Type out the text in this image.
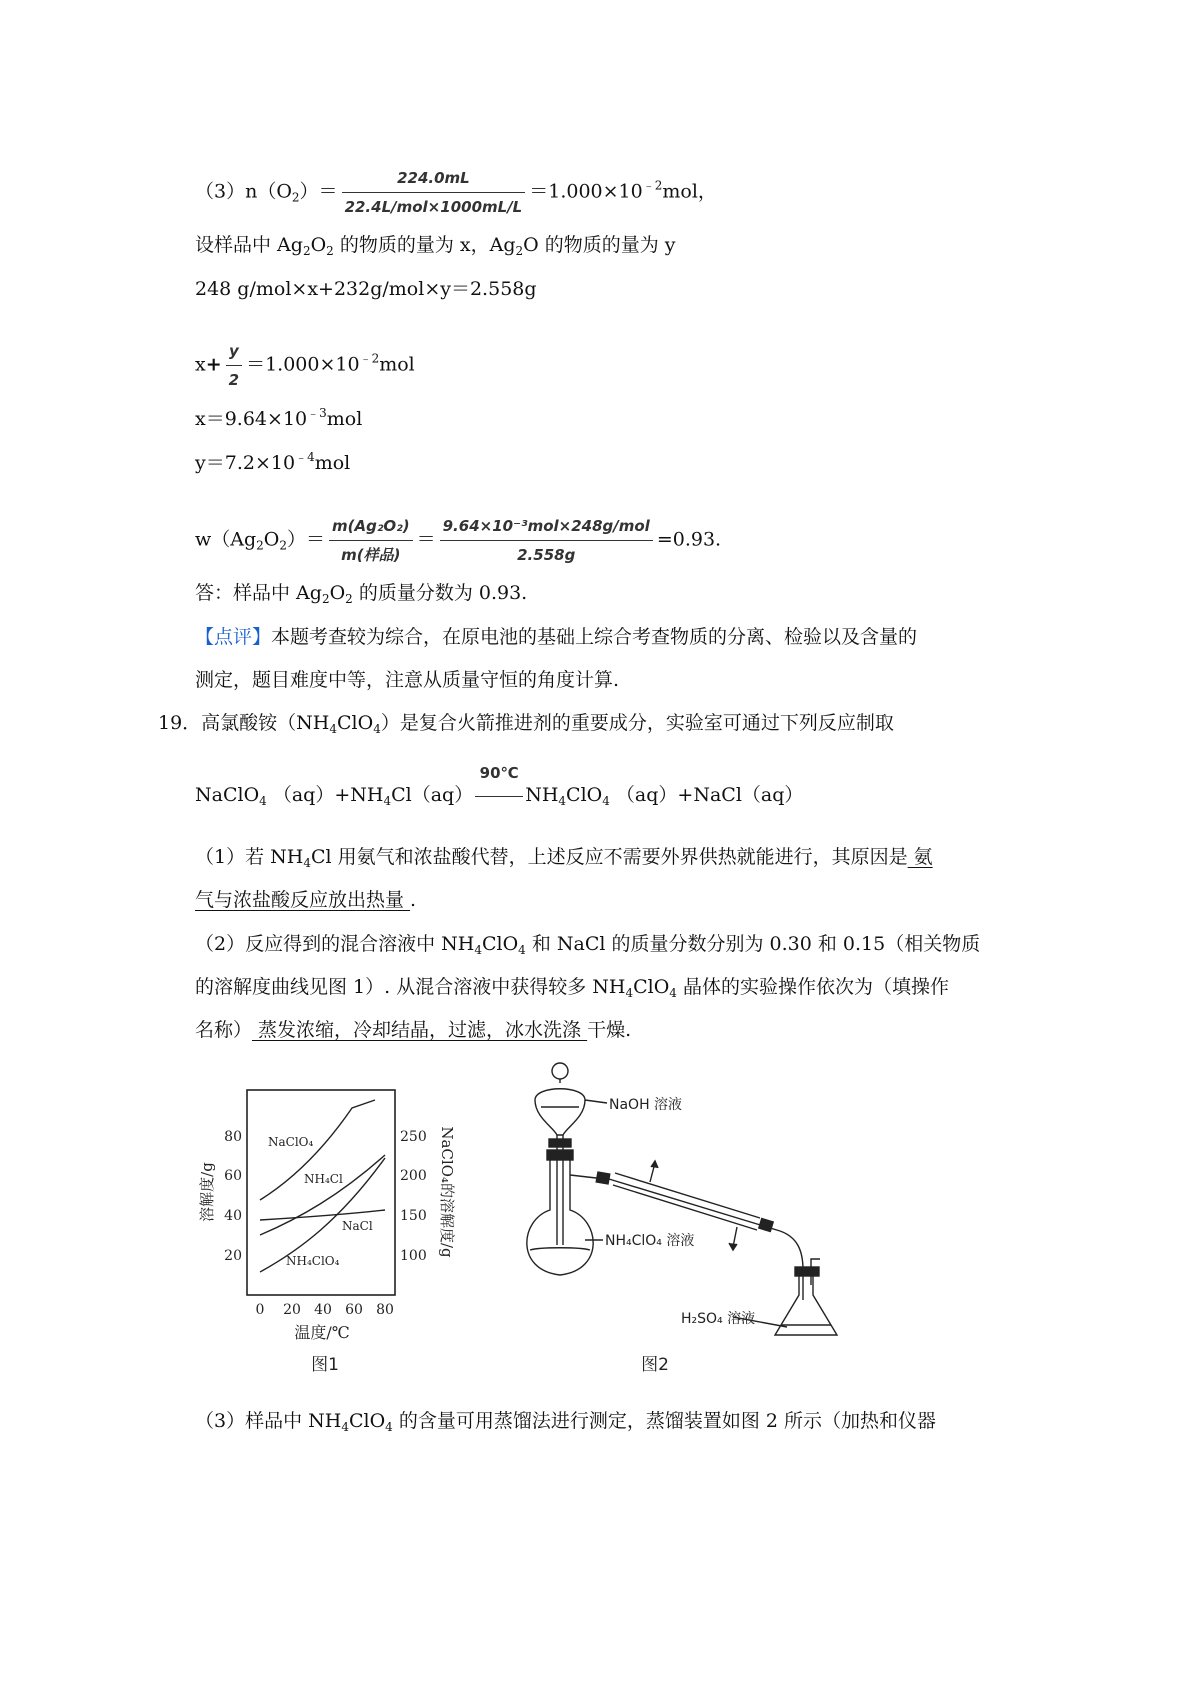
$(3)n(O_2)= \frac{224.0mL}{\text{22.4L/mol×1000mL/L}} =1.000\times 10^{﹣2}mol$，
设样品中 $Ag_2O_2$ 的物质的量为 x，$Ag_2O$ 的物质的量为 y
248 g/mol×x+232g/mol×y＝2.558g
$x+ \frac{y}{2} =1.000\times 10^{﹣2}mol$
$x=9.64\times 10^{﹣3}mol$
$y=7.2\times 10^{﹣4}mol$
$w(Ag_2O_2)= \frac{\text{m(Ag₂O₂)}}{\text{m(样品)}} = \frac{\text{9.64×10⁻³mol×248g/mol}}{2.558g} =0.93$.
答：样品中 $Ag_2O_2$ 的质量分数为 0.93.
【点评】本题考查较为综合，在原电池的基础上综合考查物质的分离、检验以及含量的
测定，题目难度中等，注意从质量守恒的角度计算.
19．高氯酸铵$(NH_4ClO_4)$是复合火箭推进剂的重要成分，实验室可通过下列反应制取
NaClO$_4$ $(aq)+NH_4Cl(aq)$
90℃
$NH_4ClO_4$ （aq）+NaCl（aq）
（1）若 $NH_4Cl$ 用氨气和浓盐酸代替，上述反应不需要外界供热就能进行，其原因是 氨
气与浓盐酸反应放出热量 .
（2）反应得到的混合溶液中 $NH_4ClO_4$ 和 NaCl 的质量分数分别为 0.30 和 0.15（相关物质
的溶解度曲线见图 1）. 从混合溶液中获得较多 $NH_4ClO_4$ 晶体的实验操作依次为（填操作
名称） 蒸发浓缩，冷却结晶，过滤，冰水洗涤 干燥.
80
60
40
20
250
200
150
100
0 20 40 60 80
温度/℃
溶解度/g	NaClO₄的溶解度/g
NaClO₄
NH₄Cl
NaCl
NH₄ClO₄
图1
NaOH 溶液
NH₄ClO₄ 溶液
H₂SO₄ 溶液
图2
（3）样品中 $NH_4ClO_4$ 的含量可用蒸馏法进行测定，蒸馏装置如图 2 所示（加热和仪器
